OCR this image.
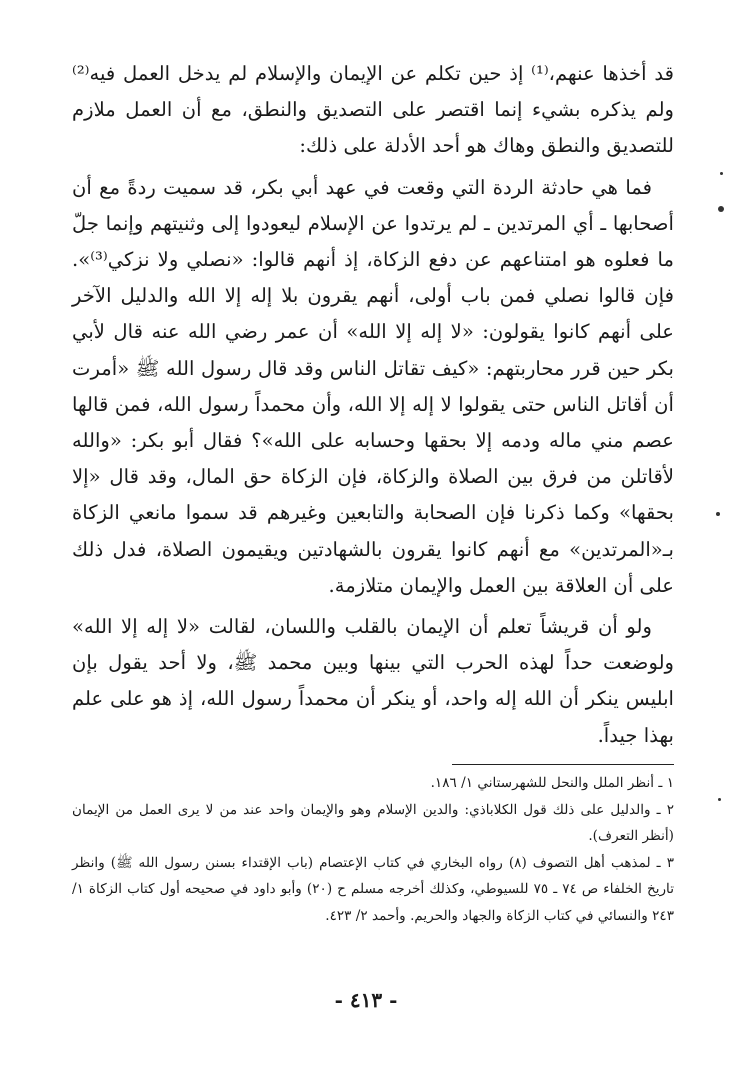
قد أخذها عنهم،⁽¹⁾ إذ حين تكلم عن الإيمان والإسلام لم يدخل العمل فيه⁽²⁾ ولم يذكره بشيء إنما اقتصر على التصديق والنطق، مع أن العمل ملازم للتصديق والنطق وهاك هو أحد الأدلة على ذلك:

فما هي حادثة الردة التي وقعت في عهد أبي بكر، قد سميت ردةً مع أن أصحابها ـ أي المرتدين ـ لم يرتدوا عن الإسلام ليعودوا إلى وثنيتهم وإنما جلّ ما فعلوه هو امتناعهم عن دفع الزكاة، إذ أنهم قالوا: «نصلي ولا نزكي⁽³⁾». فإن قالوا نصلي فمن باب أولى، أنهم يقرون بلا إله إلا الله والدليل الآخر على أنهم كانوا يقولون: «لا إله إلا الله» أن عمر رضي الله عنه قال لأبي بكر حين قرر محاربتهم: «كيف تقاتل الناس وقد قال رسول الله ﷺ «أمرت أن أقاتل الناس حتى يقولوا لا إله إلا الله، وأن محمداً رسول الله، فمن قالها عصم مني ماله ودمه إلا بحقها وحسابه على الله»؟ فقال أبو بكر: «والله لأقاتلن من فرق بين الصلاة والزكاة، فإن الزكاة حق المال، وقد قال «إلا بحقها» وكما ذكرنا فإن الصحابة والتابعين وغيرهم قد سموا مانعي الزكاة بـ«المرتدين» مع أنهم كانوا يقرون بالشهادتين ويقيمون الصلاة، فدل ذلك على أن العلاقة بين العمل والإيمان متلازمة.

ولو أن قريشاً تعلم أن الإيمان بالقلب واللسان، لقالت «لا إله إلا الله» ولوضعت حداً لهذه الحرب التي بينها وبين محمد ﷺ، ولا أحد يقول بإن ابليس ينكر أن الله إله واحد، أو ينكر أن محمداً رسول الله، إذ هو على علم بهذا جيداً.

١ ـ أنظر الملل والنحل للشهرستاني ١/ ١٨٦.

٢ ـ والدليل على ذلك قول الكلاباذي: والدين الإسلام وهو والإيمان واحد عند من لا يرى العمل من الإيمان (أنظر التعرف).

٣ ـ لمذهب أهل التصوف (٨) رواه البخاري في كتاب الإعتصام (باب الإقتداء بسنن رسول الله ﷺ) وانظر تاريخ الخلفاء ص ٧٤ ـ ٧٥ للسيوطي، وكذلك أخرجه مسلم ح (٢٠) وأبو داود في صحيحه أول كتاب الزكاة ١/ ٢٤٣ والنسائي في كتاب الزكاة والجهاد والحريم. وأحمد ٢/ ٤٢٣.

- ٤١٣ -
